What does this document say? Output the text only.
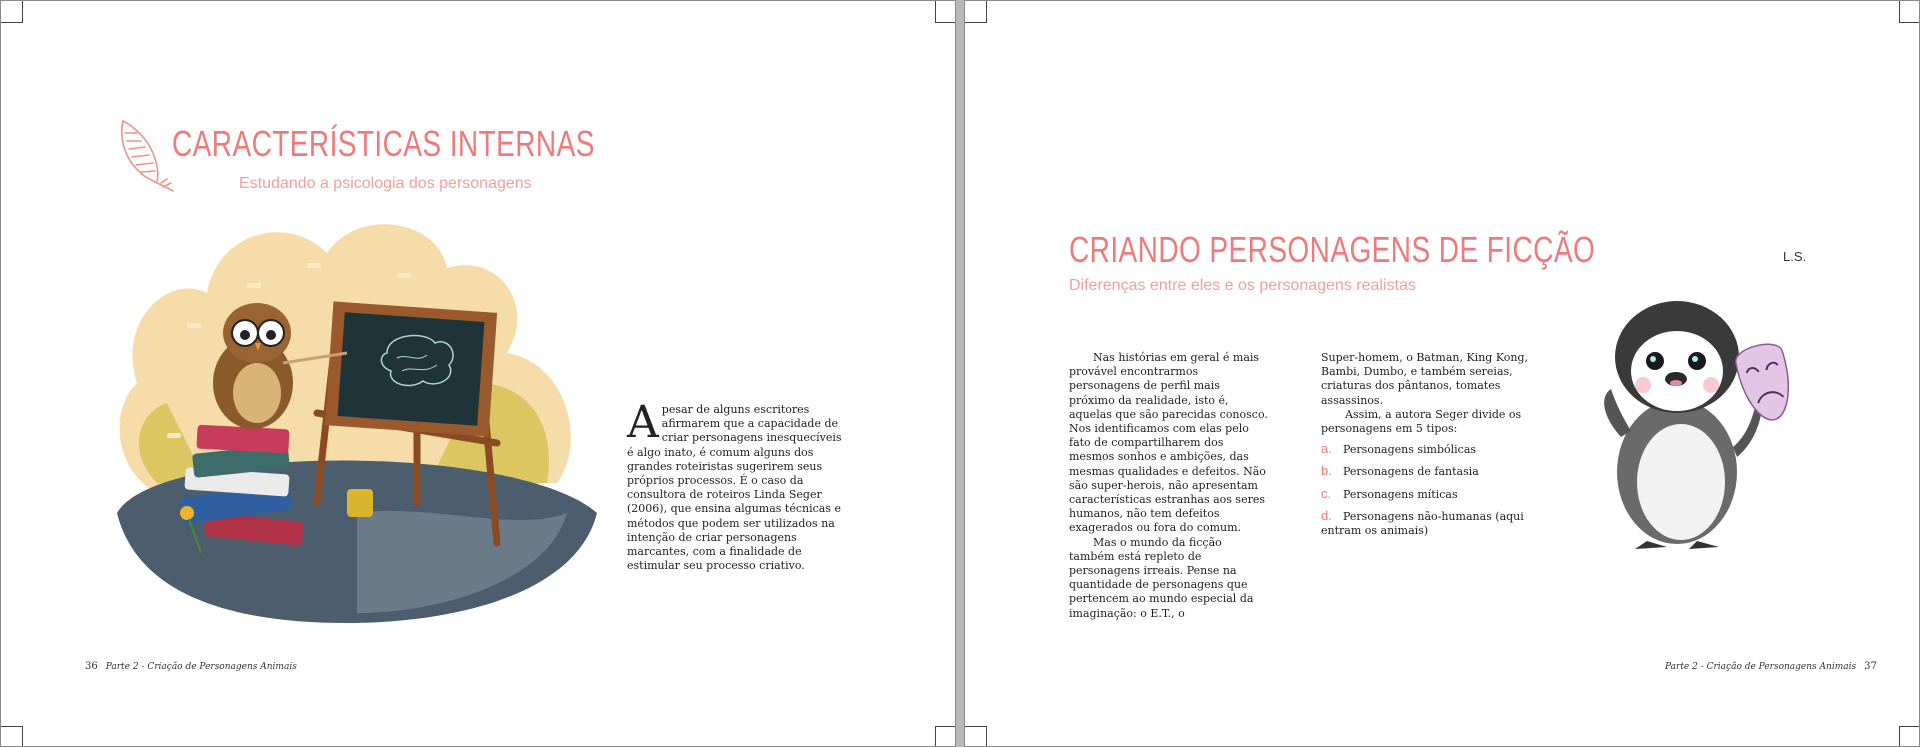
CARACTERÍSTICAS INTERNAS
Estudando a psicologia dos personagens
Apesar de alguns escritores afirmarem que a capacidade de criar personagens inesquecíveis é algo inato, é comum alguns dos grandes roteiristas sugerirem seus próprios processos. É o caso da consultora de roteiros Linda Seger (2006), que ensina algumas técnicas e métodos que podem ser utilizados na intenção de criar personagens marcantes, com a finalidade de estimular seu processo criativo.
36 Parte 2 - Criação de Personagens Animais
CRIANDO PERSONAGENS DE FICÇÃO
Diferenças entre eles e os personagens realistas
L.S.

Nas histórias em geral é mais provável encontrarmos personagens de perfil mais próximo da realidade, isto é, aquelas que são parecidas conosco. Nos identificamos com elas pelo fato de compartilharem dos mesmos sonhos e ambições, das mesmas qualidades e defeitos. Não são super-herois, não apresentam características estranhas aos seres humanos, não tem defeitos exagerados ou fora do comum.

Mas o mundo da ficção também está repleto de personagens irreais. Pense na quantidade de personagens que pertencem ao mundo especial da imaginação: o E.T., o

Super-homem, o Batman, King Kong, Bambi, Dumbo, e também sereias, criaturas dos pântanos, tomates assassinos.

Assim, a autora Seger divide os personagens em 5 tipos:

a. Personagens simbólicas
b. Personagens de fantasia
c. Personagens míticas
d. Personagens não-humanas (aqui entram os animais)
Parte 2 - Criação de Personagens Animais 37
